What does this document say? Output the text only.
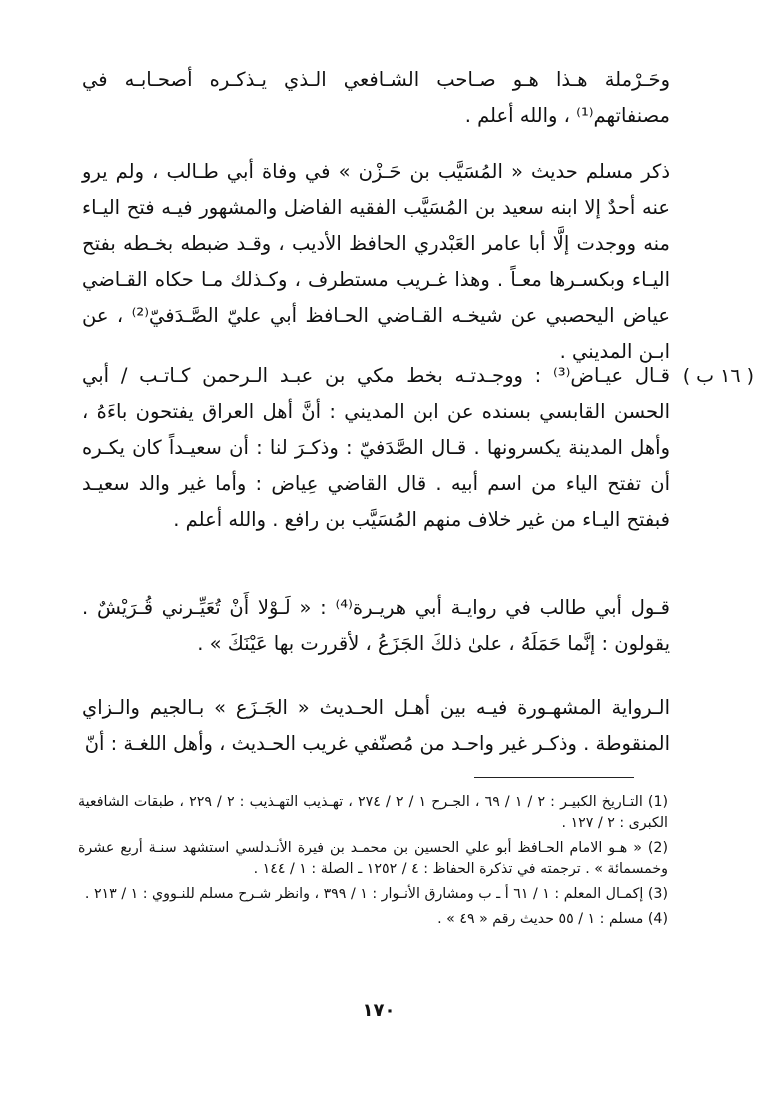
( ١٦ ب )

وحَـرْملة هـذا هـو صـاحب الشـافعي الـذي يـذكـره أصحـابـه في مصنفاتهم⁽¹⁾ ، والله أعلم .

ذكر مسلم حديث « المُسَيَّب بن حَـزْن » في وفاة أبي طـالب ، ولم يرو عنه أحدٌ إلا ابنه سعيد بن المُسَيَّب الفقيه الفاضل والمشهور فيـه فتح اليـاء منه ووجدت إلَّا أبا عامر العَبْدري الحافظ الأديب ، وقـد ضبطه بخـطه بفتح اليـاء وبكسـرها معـاً . وهذا غـريب مستطرف ، وكـذلك مـا حكاه القـاضي عياض اليحصبي عن شيخـه القـاضي الحـافظ أبي عليّ الصَّـدَفيّ⁽²⁾ ، عن ابـن المديني .

قـال عيـاض⁽³⁾ : ووجـدتـه بخط مكي بن عبـد الـرحمن كـاتـب / أبي الحسن القابسي بسنده عن ابن المديني : أنَّ أهل العراق يفتحون باءَهُ ، وأهل المدينة يكسرونها . قـال الصَّدَفيّ : وذكـرَ لنا : أن سعيـداً كان يكـره أن تفتح الياء من اسم أبيه . قال القاضي عِياض : وأما غير والد سعيـد فبفتح اليـاء من غير خلاف منهم المُسَيَّب بن رافع . والله أعلم .

قـول أبي طالب في روايـة أبي هريـرة⁽⁴⁾ : « لَـوْلا أَنْ تُعَيِّـرني قُـرَيْشٌ . يقولون : إنَّما حَمَلَهُ ، علىٰ ذلكَ الجَزَعُ ، لأقررت بها عَيْنَكَ » .

الـرواية المشهـورة فيـه بين أهـل الحـديث « الجَـزَع » بـالجيم والـزاي المنقوطة . وذكـر غير واحـد من مُصنّفي غريب الحـديث ، وأهل اللغـة : أنّ

(1) التـاريخ الكبيـر : ٢ / ١ / ٦٩ ، الجـرح ١ / ٢ / ٢٧٤ ، تهـذيب التهـذيب : ٢ / ٢٢٩ ، طبقات الشافعية الكبرى : ٢ / ١٢٧ .

(2) « هـو الامام الحـافظ أبو علي الحسين بن محمـد بن فيرة الأنـدلسي استشهد سنـة أربع عشرة وخمسمائة » . ترجمته في تذكرة الحفاظ : ٤ / ١٢٥٢ ـ الصلة : ١ / ١٤٤ .

(3) إكمـال المعلم : ١ / ٦١ أ ـ ب ومشارق الأنـوار : ١ / ٣٩٩ ، وانظر شـرح مسلم للنـووي : ١ / ٢١٣ .

(4) مسلم : ١ / ٥٥ حديث رقم « ٤٩ » .

١٧٠
